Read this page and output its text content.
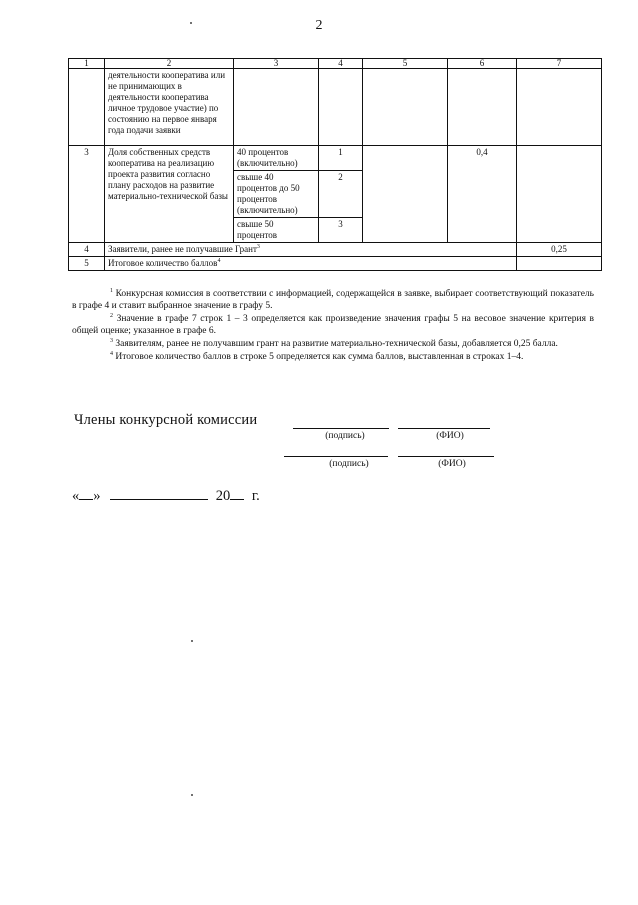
2
1	2	3	4	5	6	7
	деятельности кооператива или не принимающих в деятельности кооператива личное трудовое участие) по состоянию на первое января года подачи заявки					
3	Доля собственных средств кооператива на реализацию проекта развития согласно плану расходов на развитие материально-технической базы	40 процентов (включительно)	1		0,4	
		свыше 40 процентов до 50 процентов (включительно)	2			
		свыше 50 процентов	3			
4	Заявители, ранее не получавшие Грант$^3$					0,25
5	Итоговое количество баллов$^4$	

$^1$ Конкурсная комиссия в соответствии с информацией, содержащейся в заявке, выбирает соответствующий показатель в графе 4 и ставит выбранное значение в графу 5.

$^2$ Значение в графе 7 строк 1 – 3 определяется как произведение значения графы 5 на весовое значение критерия в общей оценке; указанное в графе 6.

$^3$ Заявителям, ранее не получавшим грант на развитие материально-технической базы, добавляется 0,25 балла.

$^4$ Итоговое количество баллов в строке 5 определяется как сумма баллов, выставленная в строках 1–4.

Члены конкурсной комиссии
(подпись)	(ФИО)
(подпись)	(ФИО)
« »	20 г.
